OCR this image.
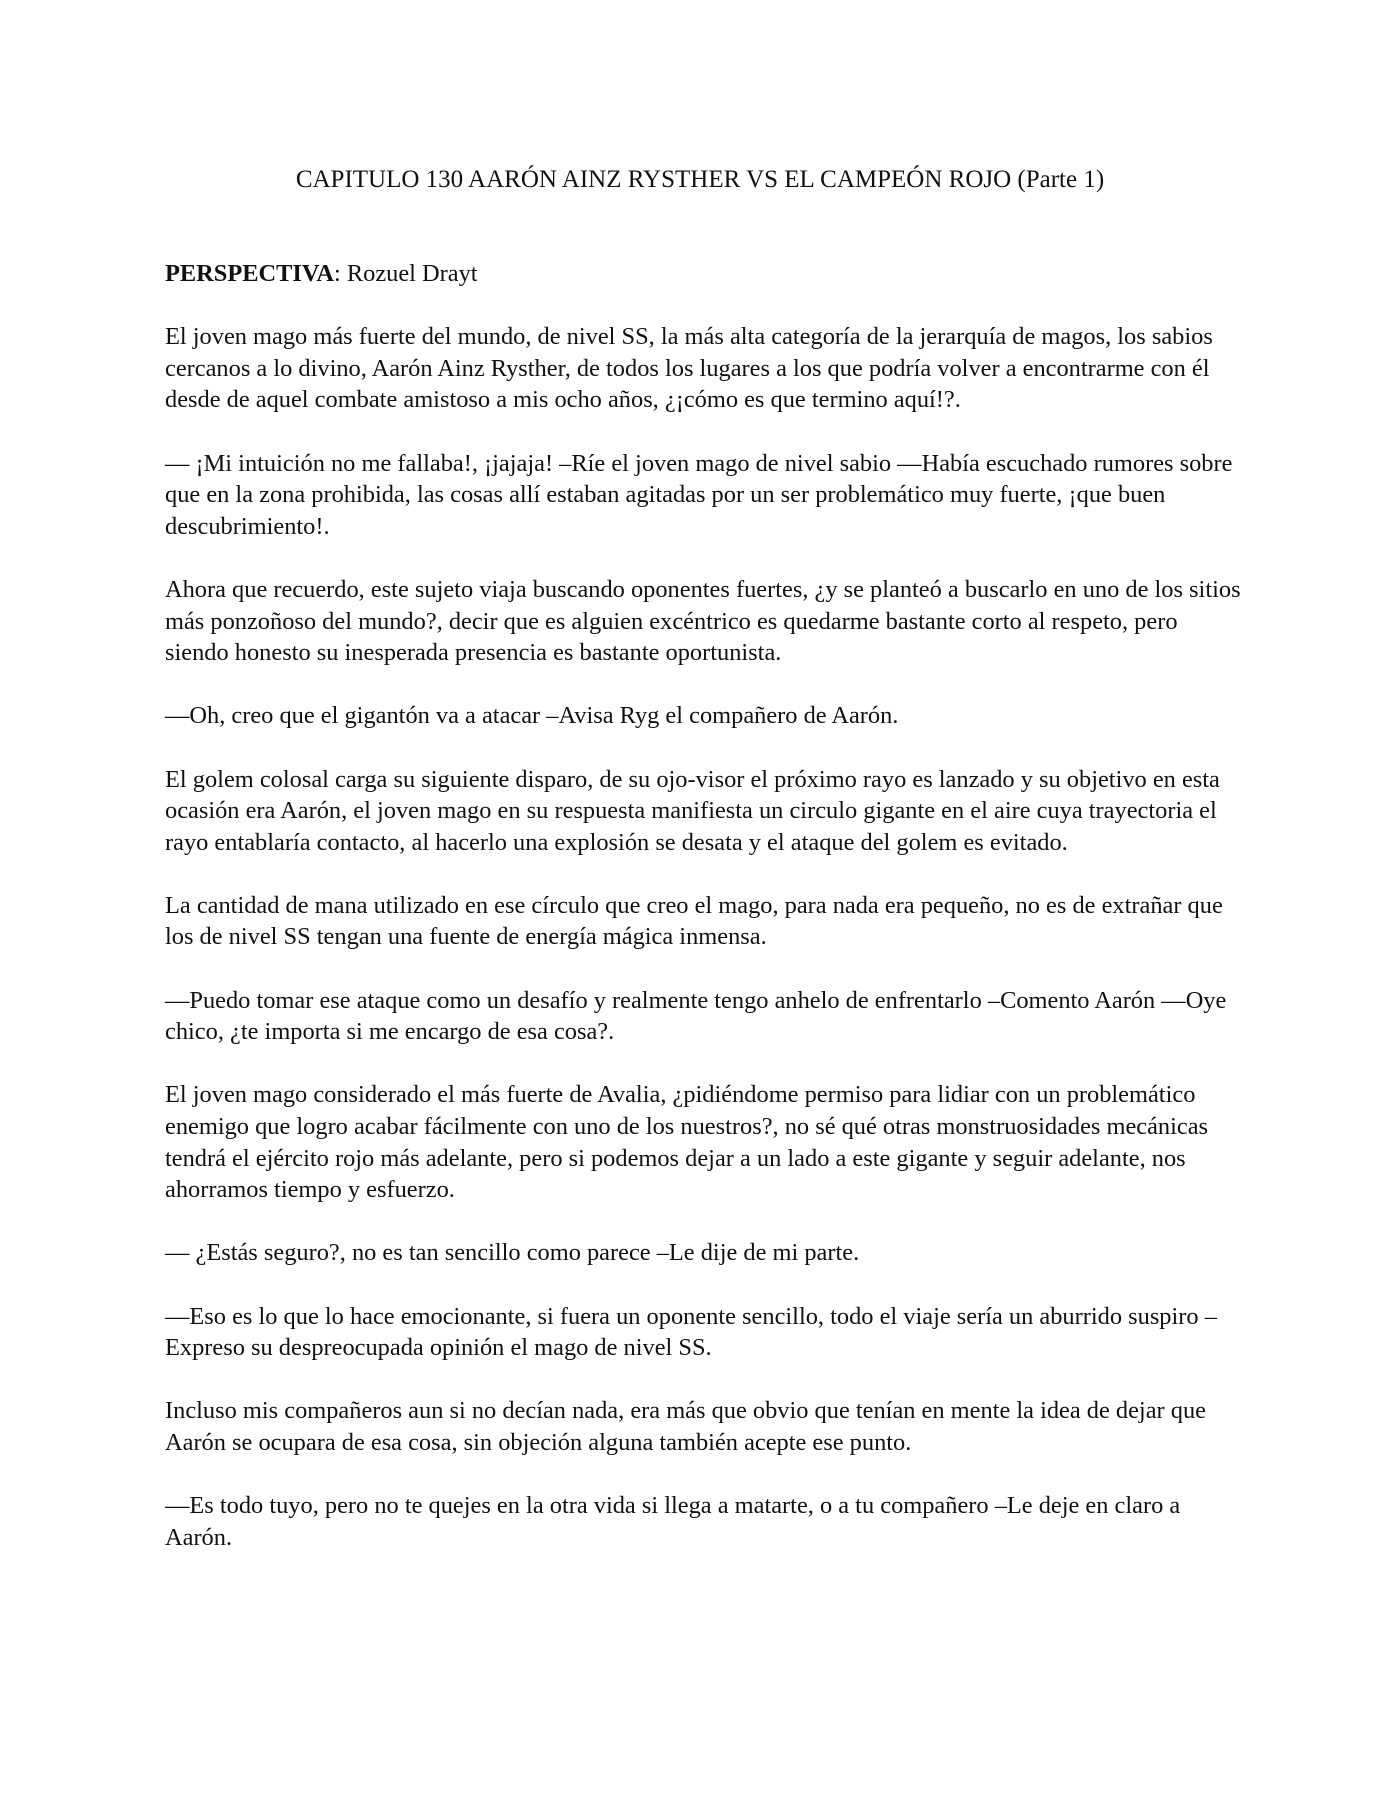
CAPITULO 130 AARÓN AINZ RYSTHER VS EL CAMPEÓN ROJO (Parte 1)

PERSPECTIVA: Rozuel Drayt

El joven mago más fuerte del mundo, de nivel SS, la más alta categoría de la jerarquía de magos, los sabios cercanos a lo divino, Aarón Ainz Rysther, de todos los lugares a los que podría volver a encontrarme con él desde de aquel combate amistoso a mis ocho años, ¿¡cómo es que termino aquí!?.

— ¡Mi intuición no me fallaba!, ¡jajaja! –Ríe el joven mago de nivel sabio —Había escuchado rumores sobre que en la zona prohibida, las cosas allí estaban agitadas por un ser problemático muy fuerte, ¡que buen descubrimiento!.

Ahora que recuerdo, este sujeto viaja buscando oponentes fuertes, ¿y se planteó a buscarlo en uno de los sitios más ponzoñoso del mundo?, decir que es alguien excéntrico es quedarme bastante corto al respeto, pero siendo honesto su inesperada presencia es bastante oportunista.

—Oh, creo que el gigantón va a atacar –Avisa Ryg el compañero de Aarón.

El golem colosal carga su siguiente disparo, de su ojo-visor el próximo rayo es lanzado y su objetivo en esta ocasión era Aarón, el joven mago en su respuesta manifiesta un circulo gigante en el aire cuya trayectoria el rayo entablaría contacto, al hacerlo una explosión se desata y el ataque del golem es evitado.

La cantidad de mana utilizado en ese círculo que creo el mago, para nada era pequeño, no es de extrañar que los de nivel SS tengan una fuente de energía mágica inmensa.

—Puedo tomar ese ataque como un desafío y realmente tengo anhelo de enfrentarlo –Comento Aarón —Oye chico, ¿te importa si me encargo de esa cosa?.

El joven mago considerado el más fuerte de Avalia, ¿pidiéndome permiso para lidiar con un problemático enemigo que logro acabar fácilmente con uno de los nuestros?, no sé qué otras monstruosidades mecánicas tendrá el ejército rojo más adelante, pero si podemos dejar a un lado a este gigante y seguir adelante, nos ahorramos tiempo y esfuerzo.

— ¿Estás seguro?, no es tan sencillo como parece –Le dije de mi parte.

—Eso es lo que lo hace emocionante, si fuera un oponente sencillo, todo el viaje sería un aburrido suspiro –Expreso su despreocupada opinión el mago de nivel SS.

Incluso mis compañeros aun si no decían nada, era más que obvio que tenían en mente la idea de dejar que Aarón se ocupara de esa cosa, sin objeción alguna también acepte ese punto.

—Es todo tuyo, pero no te quejes en la otra vida si llega a matarte, o a tu compañero –Le deje en claro a Aarón.
